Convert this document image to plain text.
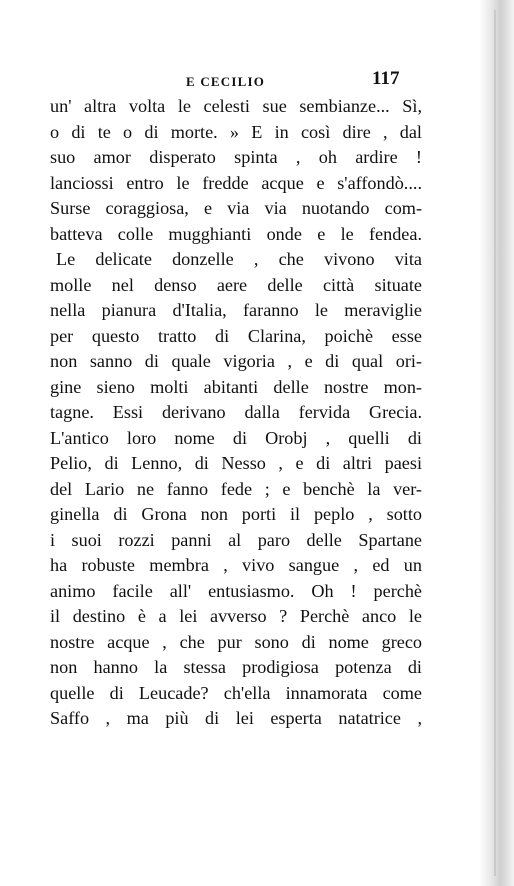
E CECILIO	117
un' altra volta le celesti sue sembianze... Sì,
o di te o di morte. » E in così dire , dal
suo amor disperato spinta , oh ardire !
lanciossi entro le fredde acque e s'affondò....
Surse coraggiosa, e via via nuotando com-
batteva colle mugghianti onde e le fendea.
Le delicate donzelle , che vivono vita
molle nel denso aere delle città situate
nella pianura d'Italia, faranno le meraviglie
per questo tratto di Clarina, poichè esse
non sanno di quale vigoria , e di qual ori-
gine sieno molti abitanti delle nostre mon-
tagne. Essi derivano dalla fervida Grecia.
L'antico loro nome di Orobj , quelli di
Pelio, di Lenno, di Nesso , e di altri paesi
del Lario ne fanno fede ; e benchè la ver-
ginella di Grona non porti il peplo , sotto
i suoi rozzi panni al paro delle Spartane
ha robuste membra , vivo sangue , ed un
animo facile all' entusiasmo. Oh ! perchè
il destino è a lei avverso ? Perchè anco le
nostre acque , che pur sono di nome greco
non hanno la stessa prodigiosa potenza di
quelle di Leucade? ch'ella innamorata come
Saffo , ma più di lei esperta natatrice ,
